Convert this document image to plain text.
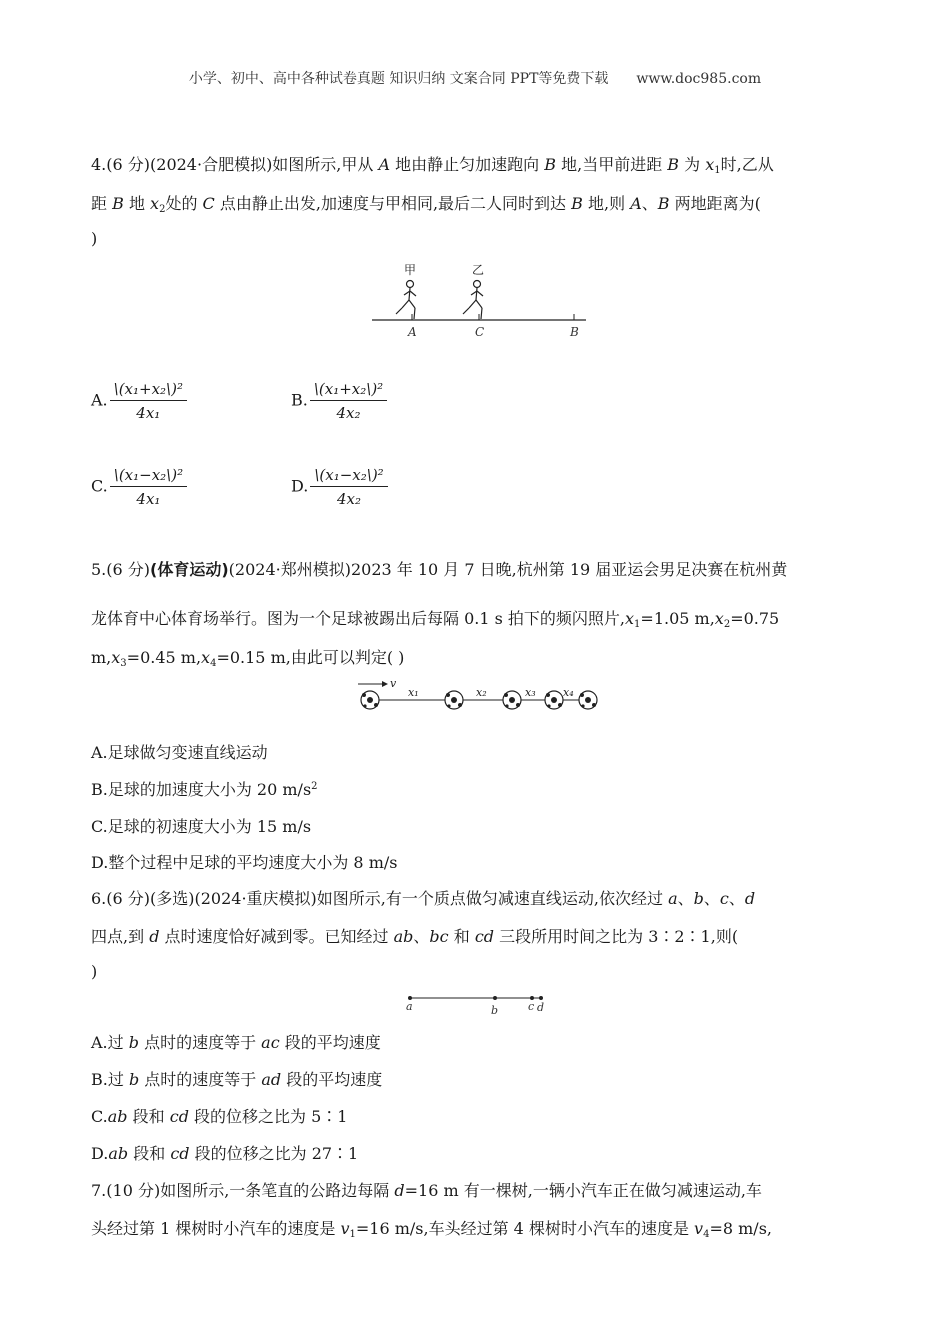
小学、初中、高中各种试卷真题 知识归纳 文案合同 PPT等免费下载 www.doc985.com
4.(6 分)(2024·合肥模拟)如图所示,甲从 A 地由静止匀加速跑向 B 地,当甲前进距 B 为 $x_1$时,乙从
距 B 地 $x_2$处的 C 点由静止出发,加速度与甲相同,最后二人同时到达 B 地,则 A、B 两地距离为(
)
甲	乙
A	C	B
A. $\frac{\text{\textbackslash{}(x₁+x₂\textbackslash{})²}}{\text{4x₁}}$	B. $\frac{\text{\textbackslash{}(x₁+x₂\textbackslash{})²}}{\text{4x₂}}$
C. $\frac{\text{\textbackslash{}(x₁−x₂\textbackslash{})²}}{\text{4x₁}}$	D. $\frac{\text{\textbackslash{}(x₁−x₂\textbackslash{})²}}{\text{4x₂}}$
5.(6 分)(体育运动)(2024·郑州模拟)2023 年 10 月 7 日晚,杭州第 19 届亚运会男足决赛在杭州黄
龙体育中心体育场举行。图为一个足球被踢出后每隔 0.1 s 拍下的频闪照片$,x_1=1.05$ $m,x_2=0.75$
$m,x_3=0.45$ $m,x_4=0.15$ m,由此可以判定( )
v
x₁	x₂	x₃ x₄
A.足球做匀变速直线运动
B.足球的加速度大小为 20 $m/s^2$
C.足球的初速度大小为 15 m/s
D.整个过程中足球的平均速度大小为 8 m/s
6.(6 分)(多选)(2024·重庆模拟)如图所示,有一个质点做匀减速直线运动,依次经过 a、b、c、d
四点,到 d 点时速度恰好减到零。已知经过 ab、bc 和 cd 三段所用时间之比为 3∶2∶1,则(
)
a	b	c d
A.过 b 点时的速度等于 ac 段的平均速度
B.过 b 点时的速度等于 ad 段的平均速度
C.ab 段和 cd 段的位移之比为 5∶1
D.ab 段和 cd 段的位移之比为 27∶1
7.(10 分)如图所示,一条笔直的公路边每隔 d=16 m 有一棵树,一辆小汽车正在做匀减速运动,车
头经过第 1 棵树时小汽车的速度是 $v_1=16$ m/s,车头经过第 4 棵树时小汽车的速度是 $v_4=8$ m/s,
